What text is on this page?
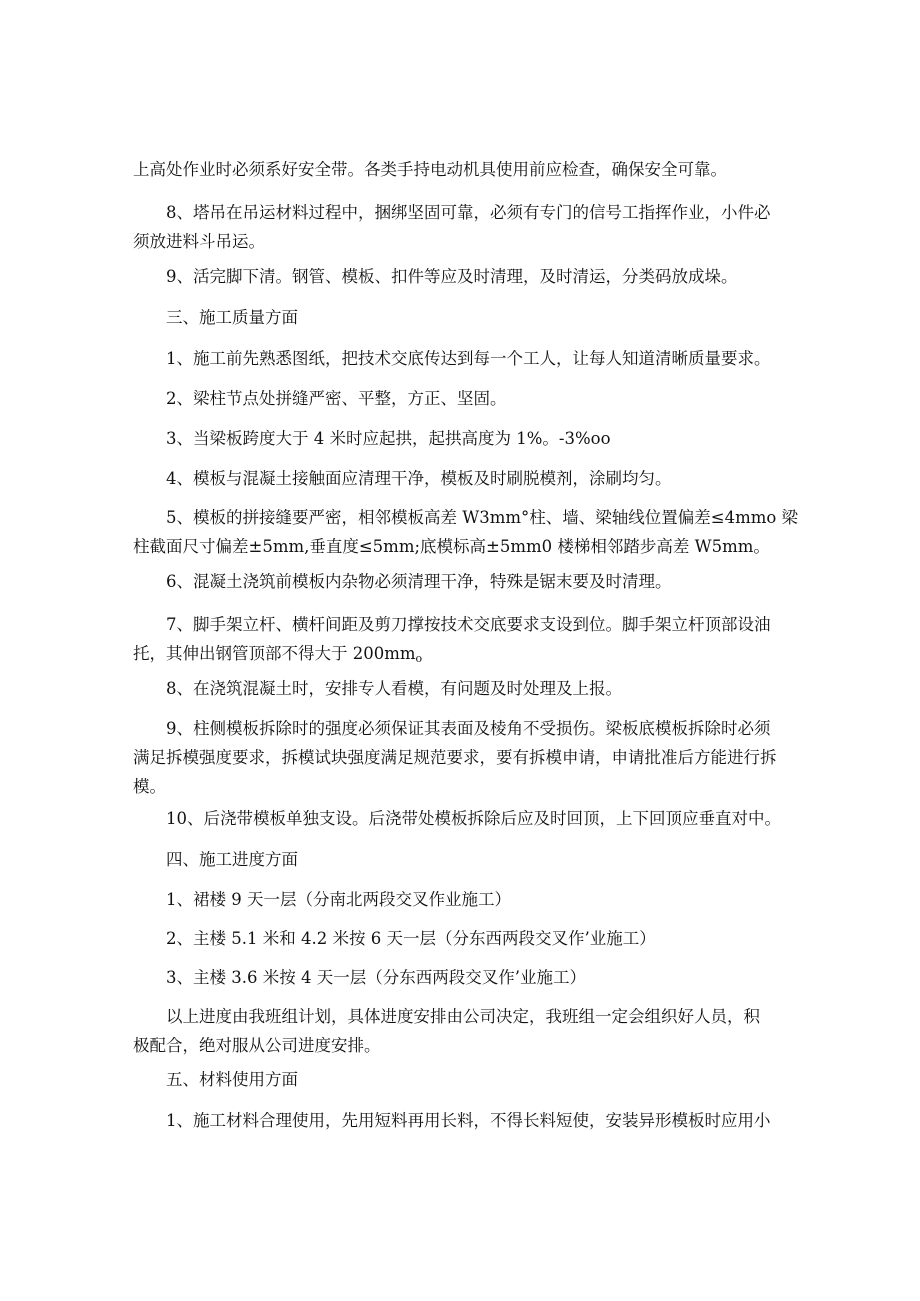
上高处作业时必须系好安全带。各类手持电动机具使用前应检查，确保安全可靠。

8、塔吊在吊运材料过程中，捆绑坚固可靠，必须有专门的信号工指挥作业，小件必
须放进料斗吊运。

9、活完脚下清。钢管、模板、扣件等应及时清理，及时清运，分类码放成垛。

三、施工质量方面

1、施工前先熟悉图纸，把技术交底传达到每一个工人，让每人知道清晰质量要求。

2、梁柱节点处拼缝严密、平整，方正、坚固。

3、当梁板跨度大于 4 米时应起拱，起拱高度为 1%。-3%oo

4、模板与混凝土接触面应清理干净，模板及时刷脱模剂，涂刷均匀。

5、模板的拼接缝要严密，相邻模板高差 W3mm°柱、墙、梁轴线位置偏差≤4mmo 梁
柱截面尺寸偏差±5mm,垂直度≤5mm;底模标高±5mm0 楼梯相邻踏步高差 W5mm。

6、混凝土浇筑前模板内杂物必须清理干净，特殊是锯末要及时清理。

7、脚手架立杆、横杆间距及剪刀撑按技术交底要求支设到位。脚手架立杆顶部设油
托，其伸出钢管顶部不得大于 $200mm_o$

8、在浇筑混凝土时，安排专人看模，有问题及时处理及上报。

9、柱侧模板拆除时的强度必须保证其表面及棱角不受损伤。梁板底模板拆除时必须
满足拆模强度要求，拆模试块强度满足规范要求，要有拆模申请，申请批准后方能进行拆
模。

10、后浇带模板单独支设。后浇带处模板拆除后应及时回顶，上下回顶应垂直对中。

四、施工进度方面

1、裙楼 9 天一层（分南北两段交叉作业施工）

2、主楼 5.1 米和 4.2 米按 6 天一层（分东西两段交叉作’业施工）

3、主楼 3.6 米按 4 天一层（分东西两段交叉作’业施工）

以上进度由我班组计划，具体进度安排由公司决定，我班组一定会组织好人员，积
极配合，绝对服从公司进度安排。

五、材料使用方面

1、施工材料合理使用，先用短料再用长料，不得长料短使，安装异形模板时应用小
